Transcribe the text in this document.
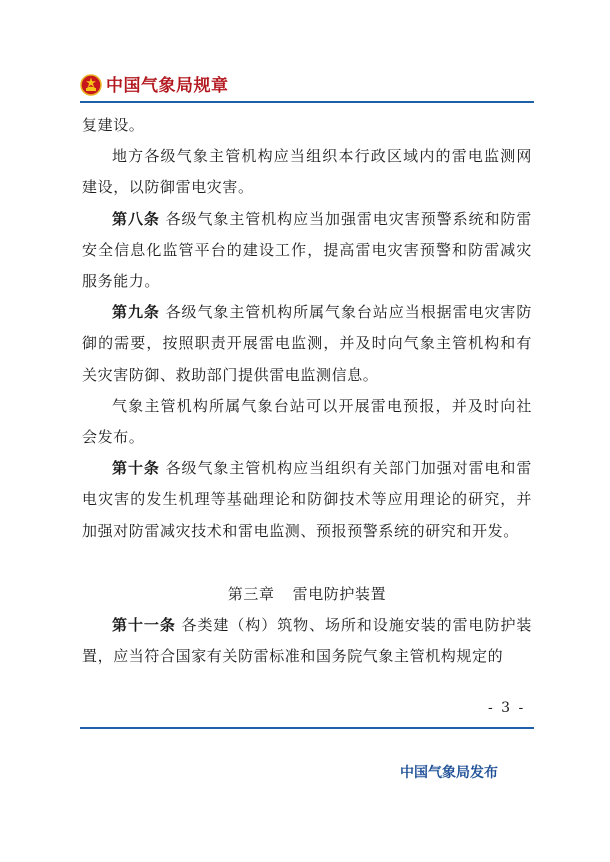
中国气象局规章

复建设。

地方各级气象主管机构应当组织本行政区域内的雷电监测网建设，以防御雷电灾害。

第八条 各级气象主管机构应当加强雷电灾害预警系统和防雷安全信息化监管平台的建设工作，提高雷电灾害预警和防雷减灾服务能力。

第九条 各级气象主管机构所属气象台站应当根据雷电灾害防御的需要，按照职责开展雷电监测，并及时向气象主管机构和有关灾害防御、救助部门提供雷电监测信息。

气象主管机构所属气象台站可以开展雷电预报，并及时向社会发布。

第十条 各级气象主管机构应当组织有关部门加强对雷电和雷电灾害的发生机理等基础理论和防御技术等应用理论的研究，并加强对防雷减灾技术和雷电监测、预报预警系统的研究和开发。

第三章 雷电防护装置

第十一条 各类建（构）筑物、场所和设施安装的雷电防护装置，应当符合国家有关防雷标准和国务院气象主管机构规定的

- 3 -
中国气象局发布
